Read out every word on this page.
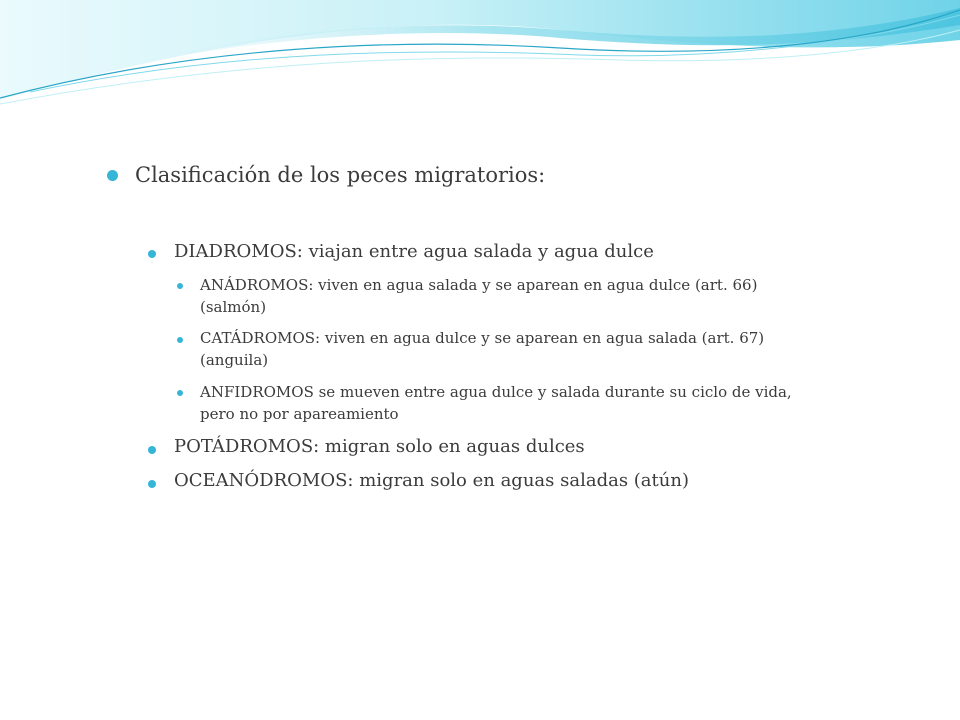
Clasificación de los peces migratorios:
DIADROMOS: viajan entre agua salada y agua dulce
ANÁDROMOS: viven en agua salada y se aparean en agua dulce (art. 66)
(salmón)
CATÁDROMOS: viven en agua dulce y se aparean en agua salada (art. 67)
(anguila)
ANFIDROMOS se mueven entre agua dulce y salada durante su ciclo de vida,
pero no por apareamiento
POTÁDROMOS: migran solo en aguas dulces
OCEANÓDROMOS: migran solo en aguas saladas (atún)
